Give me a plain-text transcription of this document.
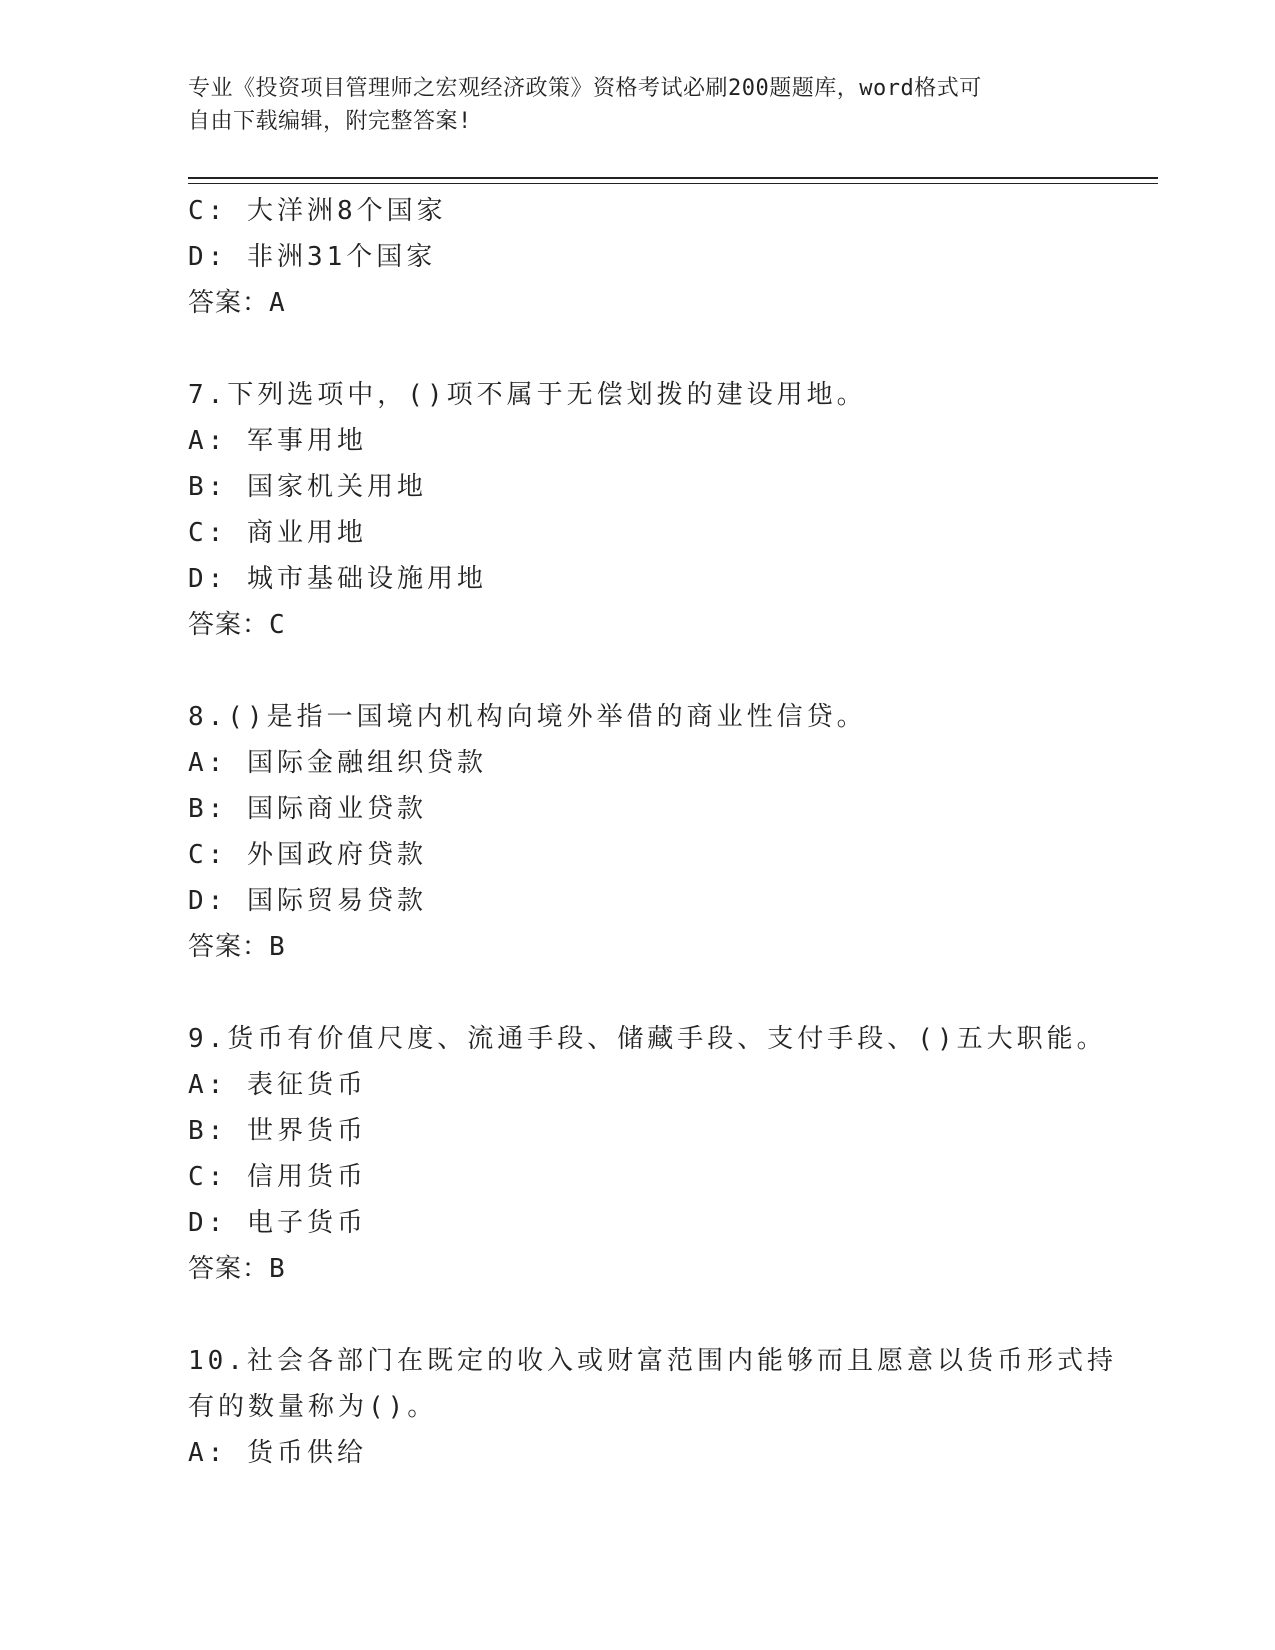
专业《投资项目管理师之宏观经济政策》资格考试必刷200题题库，word格式可
自由下载编辑，附完整答案!
C: 大洋洲8个国家
D: 非洲31个国家
答案：A
7.下列选项中，()项不属于无偿划拨的建设用地。
A: 军事用地
B: 国家机关用地
C: 商业用地
D: 城市基础设施用地
答案：C
8.()是指一国境内机构向境外举借的商业性信贷。
A: 国际金融组织贷款
B: 国际商业贷款
C: 外国政府贷款
D: 国际贸易贷款
答案：B
9.货币有价值尺度、流通手段、储藏手段、支付手段、()五大职能。
A: 表征货币
B: 世界货币
C: 信用货币
D: 电子货币
答案：B
10.社会各部门在既定的收入或财富范围内能够而且愿意以货币形式持
有的数量称为()。
A: 货币供给
